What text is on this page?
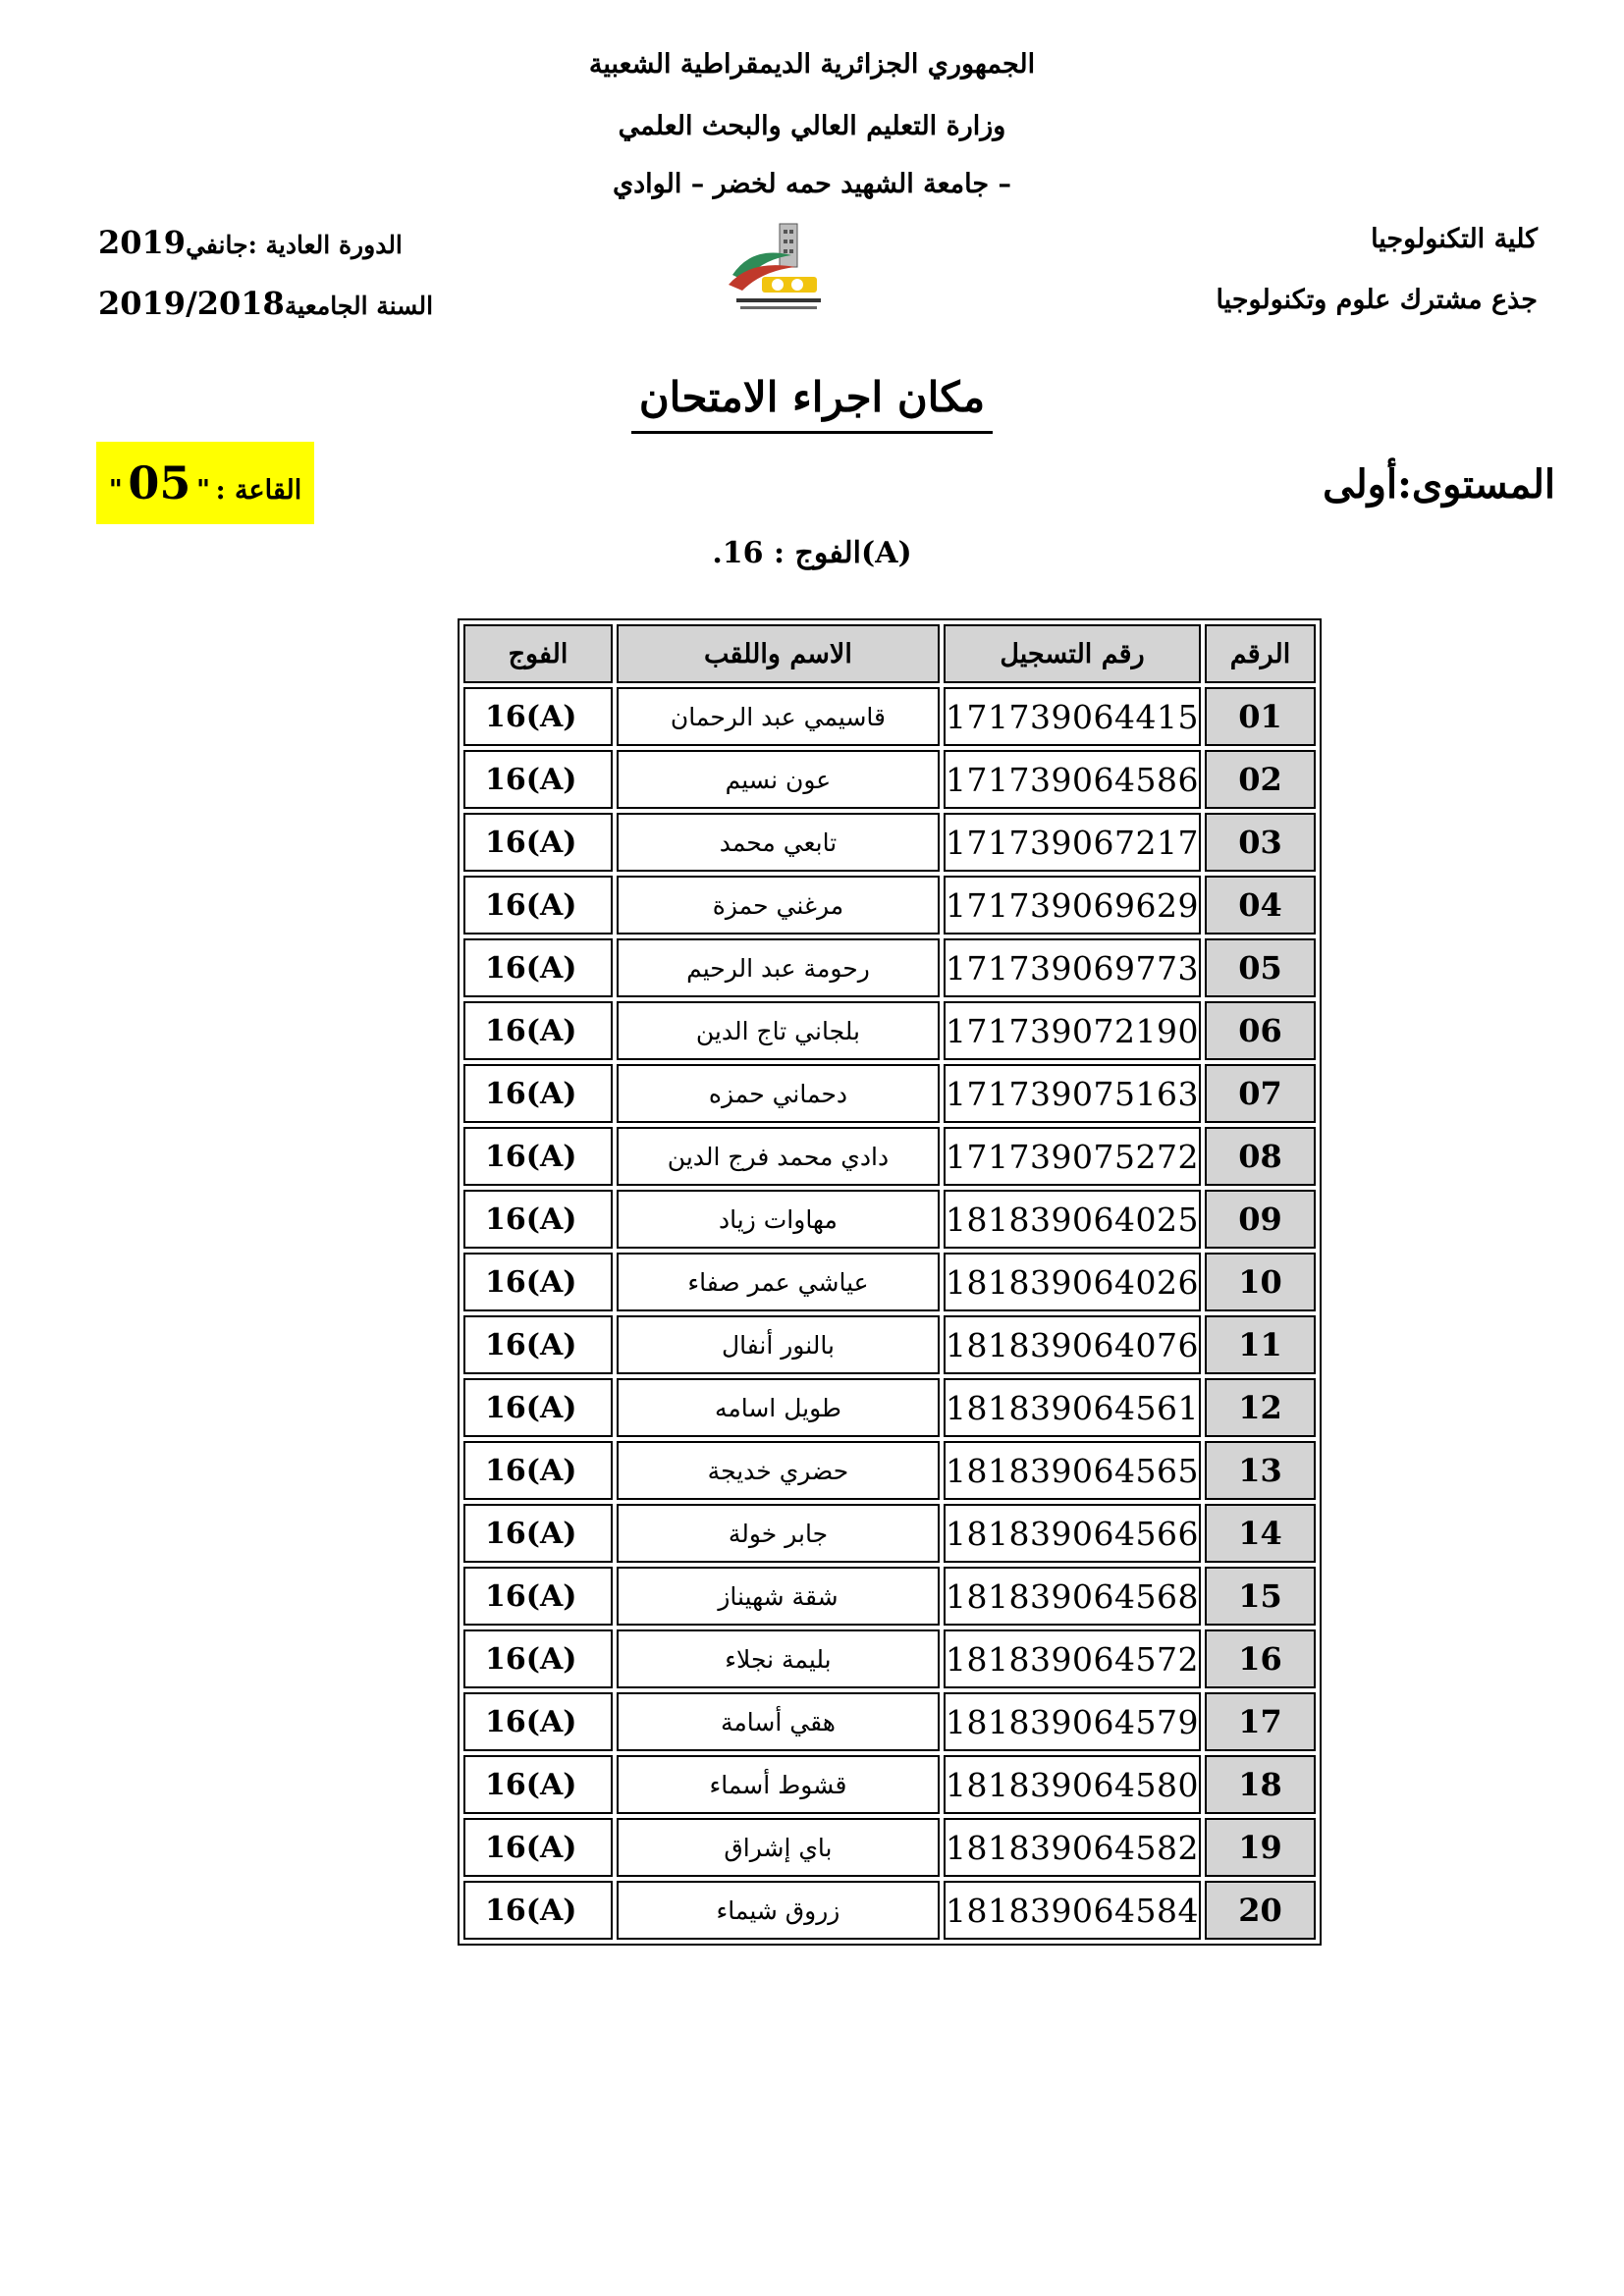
الجمهوري الجزائرية الديمقراطية الشعبية
وزارة التعليم العالي والبحث العلمي
جامعة الشهيد حمه لخضر – الوادي –
كلية التكنولوجيا
جذع مشترك علوم وتكنولوجيا
الدورة العادية :جانفي2019
السنة الجامعية2019/2018
مكان اجراء الامتحان
المستوى:أولى
القاعة : " 05 "
.الفوج : 16(A)
الرقم	رقم التسجيل	الاسم واللقب	الفوج
01	171739064415	قاسيمي عبد الرحمان	16(A)
02	171739064586	عون نسيم	16(A)
03	171739067217	تابعي محمد	16(A)
04	171739069629	مرغني حمزة	16(A)
05	171739069773	رحومة عبد الرحيم	16(A)
06	171739072190	بلجاني تاج الدين	16(A)
07	171739075163	دحماني حمزه	16(A)
08	171739075272	دادي محمد فرج الدين	16(A)
09	181839064025	مهاوات زياد	16(A)
10	181839064026	عياشي عمر صفاء	16(A)
11	181839064076	بالنور أنفال	16(A)
12	181839064561	طويل اسامه	16(A)
13	181839064565	حضري خديجة	16(A)
14	181839064566	جابر خولة	16(A)
15	181839064568	شقة شهيناز	16(A)
16	181839064572	بليمة نجلاء	16(A)
17	181839064579	هقي أسامة	16(A)
18	181839064580	قشوط أسماء	16(A)
19	181839064582	باي إشراق	16(A)
20	181839064584	زروق شيماء	16(A)
